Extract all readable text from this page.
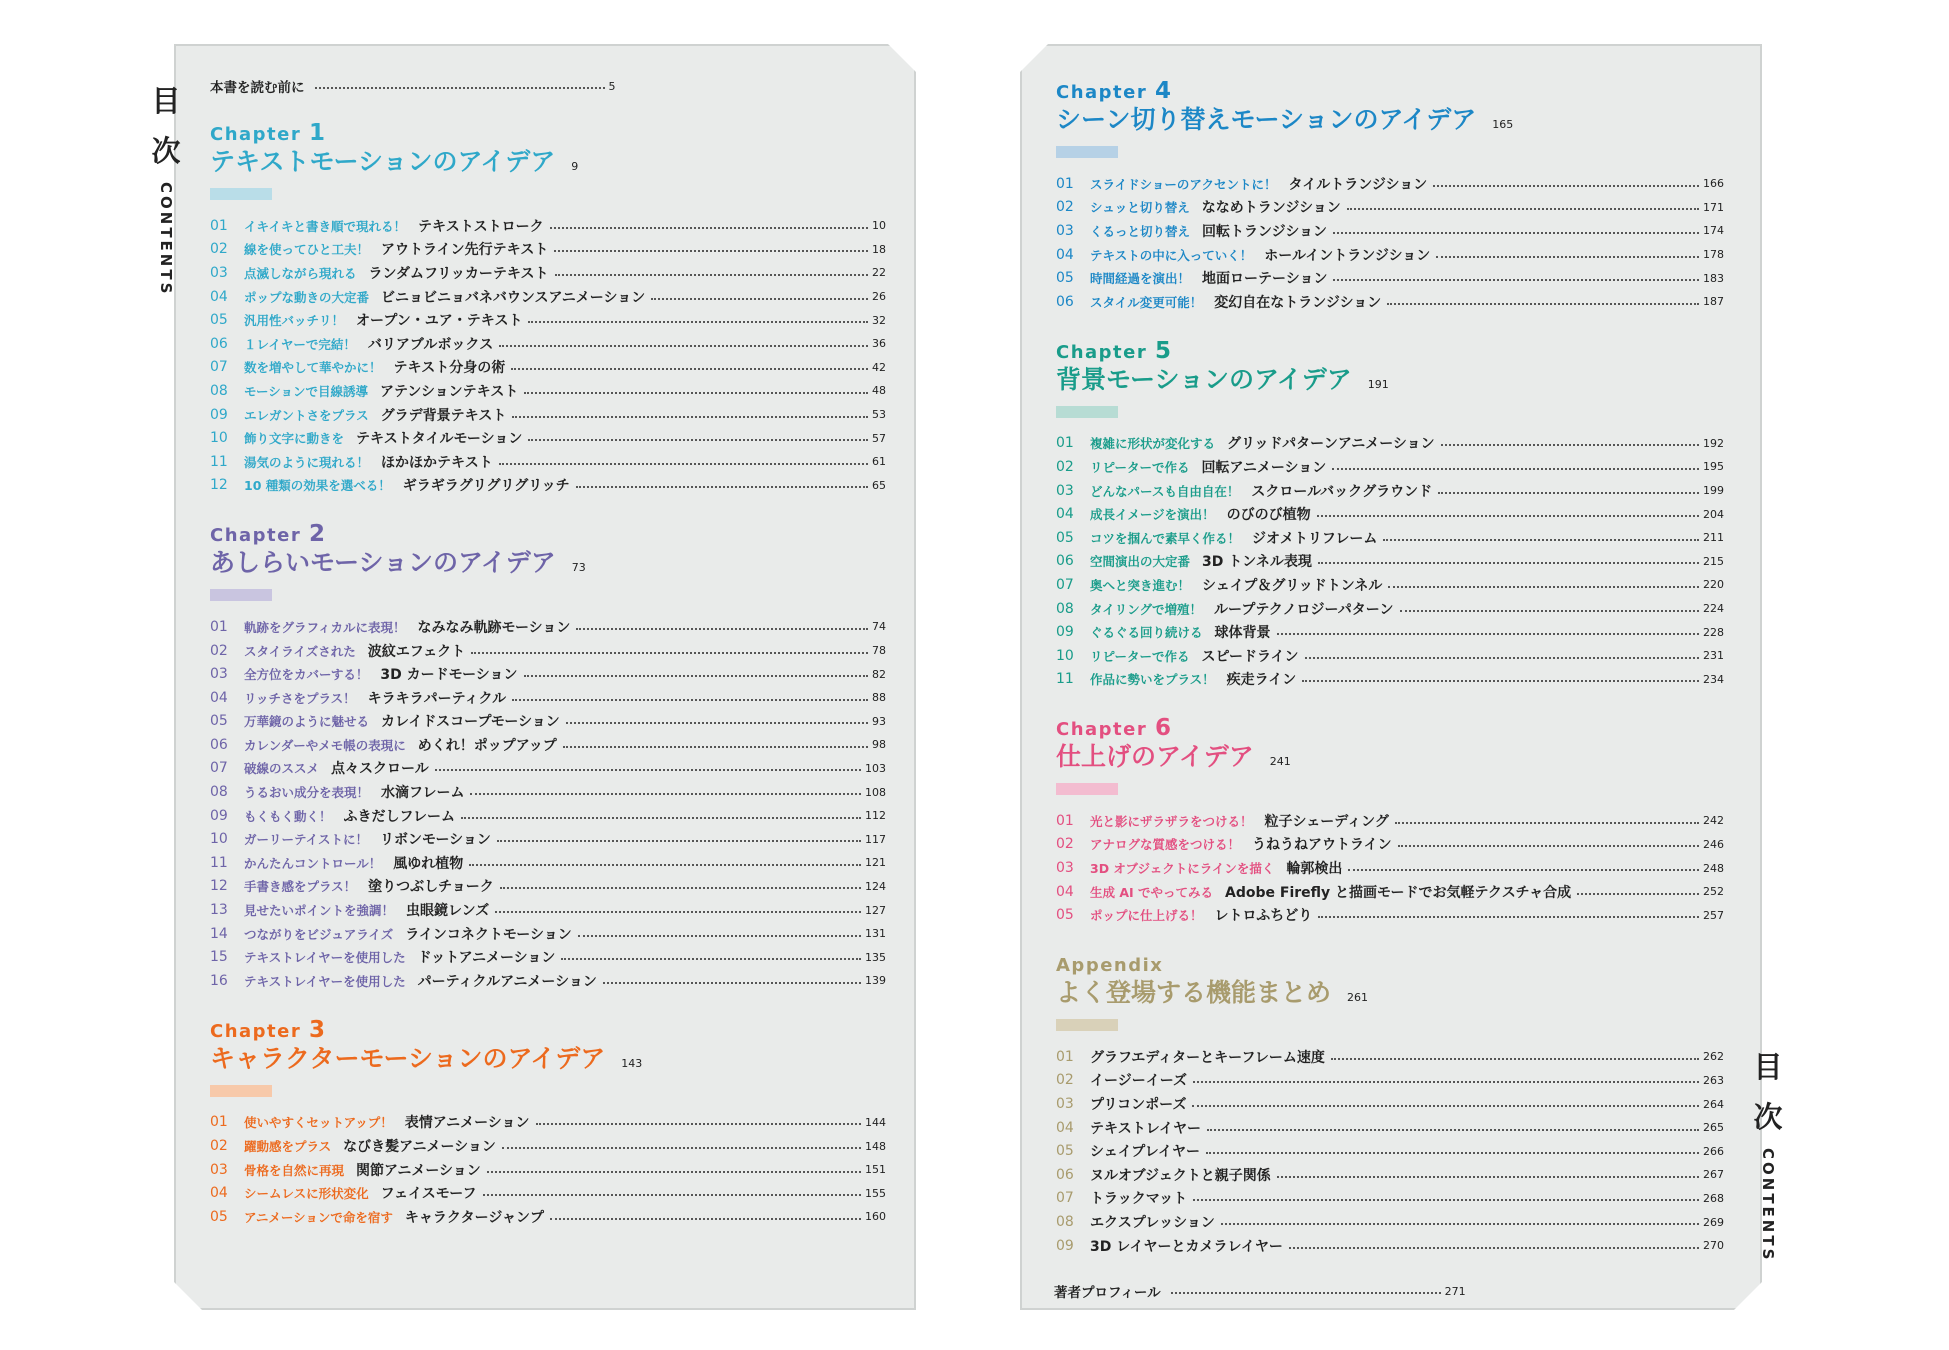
目
次
CONTENTS
目
次
CONTENTS
本書を読む前に	5
Chapter 1
テキストモーションのアイデア 9
01	イキイキと書き順で現れる！ テキストストローク	10
02	線を使ってひと工夫！ アウトライン先行テキスト	18
03	点滅しながら現れる ランダムフリッカーテキスト	22
04	ポップな動きの大定番 ビニョビニョバネバウンスアニメーション	26
05	汎用性バッチリ！ オープン・ユア・テキスト	32
06	１レイヤーで完結！ バリアブルボックス	36
07	数を増やして華やかに！ テキスト分身の術	42
08	モーションで目線誘導 アテンションテキスト	48
09	エレガントさをプラス グラデ背景テキスト	53
10	飾り文字に動きを テキストタイルモーション	57
11	湯気のように現れる！ ほかほかテキスト	61
12	10 種類の効果を選べる！ ギラギラグリグリグリッチ	65
Chapter 2
あしらいモーションのアイデア 73
01	軌跡をグラフィカルに表現！ なみなみ軌跡モーション	74
02	スタイライズされた 波紋エフェクト	78
03	全方位をカバーする！ 3D カードモーション	82
04	リッチさをプラス！ キラキラパーティクル	88
05	万華鏡のように魅せる カレイドスコープモーション	93
06	カレンダーやメモ帳の表現に めくれ！ポップアップ	98
07	破線のススメ 点々スクロール	103
08	うるおい成分を表現！ 水滴フレーム	108
09	もくもく動く！ ふきだしフレーム	112
10	ガーリーテイストに！ リボンモーション	117
11	かんたんコントロール！ 風ゆれ植物	121
12	手書き感をプラス！ 塗りつぶしチョーク	124
13	見せたいポイントを強調！ 虫眼鏡レンズ	127
14	つながりをビジュアライズ ラインコネクトモーション	131
15	テキストレイヤーを使用した ドットアニメーション	135
16	テキストレイヤーを使用した パーティクルアニメーション	139
Chapter 3
キャラクターモーションのアイデア 143
01	使いやすくセットアップ！ 表情アニメーション	144
02	躍動感をプラス なびき髪アニメーション	148
03	骨格を自然に再現 関節アニメーション	151
04	シームレスに形状変化 フェイスモーフ	155
05	アニメーションで命を宿す キャラクタージャンプ	160
Chapter 4
シーン切り替えモーションのアイデア 165
01	スライドショーのアクセントに！ タイルトランジション	166
02	シュッと切り替え ななめトランジション	171
03	くるっと切り替え 回転トランジション	174
04	テキストの中に入っていく！ ホールイントランジション	178
05	時間経過を演出！ 地面ローテーション	183
06	スタイル変更可能！ 変幻自在なトランジション	187
Chapter 5
背景モーションのアイデア 191
01	複雑に形状が変化する グリッドパターンアニメーション	192
02	リピーターで作る 回転アニメーション	195
03	どんなパースも自由自在！ スクロールバックグラウンド	199
04	成長イメージを演出！ のびのび植物	204
05	コツを掴んで素早く作る！ ジオメトリフレーム	211
06	空間演出の大定番 3D トンネル表現	215
07	奥へと突き進む！ シェイプ＆グリッドトンネル	220
08	タイリングで増殖！ ループテクノロジーパターン	224
09	ぐるぐる回り続ける 球体背景	228
10	リピーターで作る スピードライン	231
11	作品に勢いをプラス！ 疾走ライン	234
Chapter 6
仕上げのアイデア 241
01	光と影にザラザラをつける！ 粒子シェーディング	242
02	アナログな質感をつける！ うねうねアウトライン	246
03	3D オブジェクトにラインを描く 輪郭検出	248
04	生成 AI でやってみる Adobe Firefly と描画モードでお気軽テクスチャ合成	252
05	ポップに仕上げる！ レトロふちどり	257
Appendix
よく登場する機能まとめ 261
01	グラフエディターとキーフレーム速度	262
02	イージーイーズ	263
03	プリコンポーズ	264
04	テキストレイヤー	265
05	シェイプレイヤー	266
06	ヌルオブジェクトと親子関係	267
07	トラックマット	268
08	エクスプレッション	269
09	3D レイヤーとカメラレイヤー	270
著者プロフィール	271
